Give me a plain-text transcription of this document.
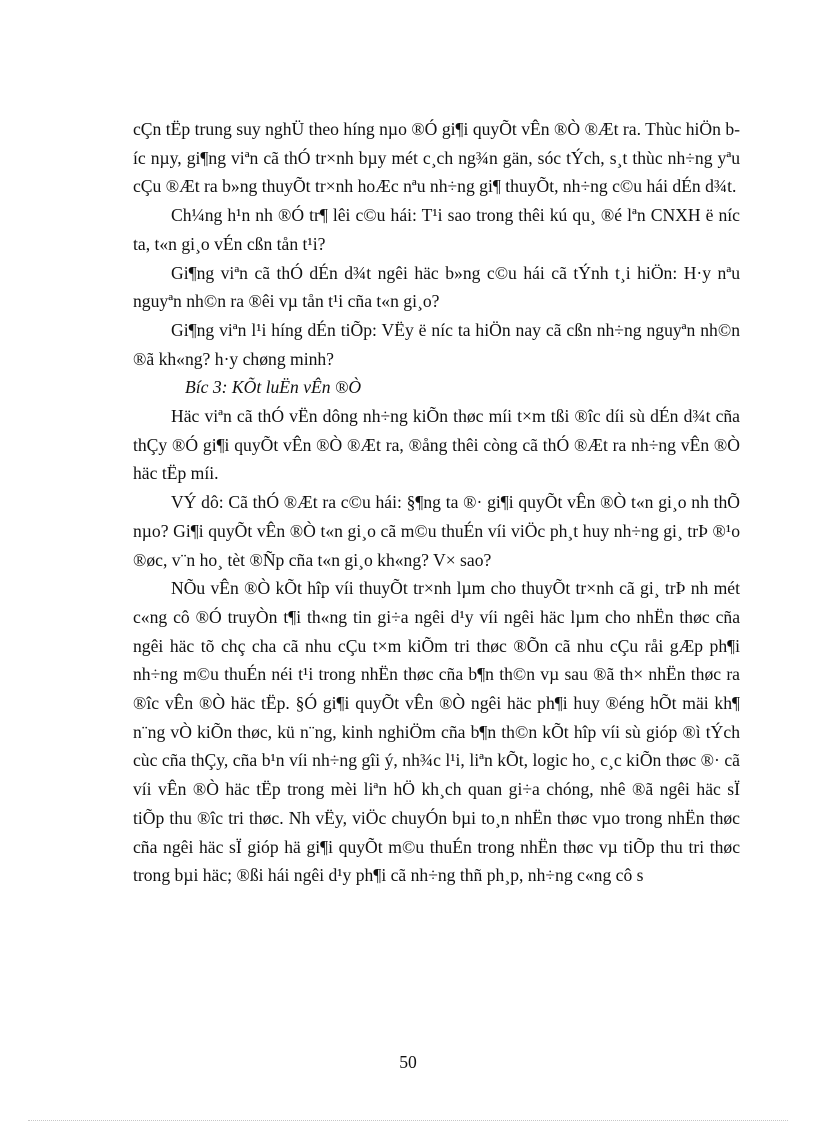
cÇn tËp trung suy nghÜ theo híng nµo ®Ó gi¶i quyÕt vÊn ®Ò ®Æt ra. Thùc hiÖn bíc nµy, gi¶ng viªn cã thÓ tr×nh bµy mét c¸ch ng¾n gän, sóc tÝch, s¸t thùc nh÷ng yªu cÇu ®Æt ra b»ng thuyÕt tr×nh hoÆc nªu nh÷ng gi¶ thuyÕt, nh÷ng c©u hái dÉn d¾t.

Ch¼ng h¹n nh ®Ó tr¶ lêi c©u hái: T¹i sao trong thêi kú qu¸ ®é lªn CNXH ë níc ta, t«n gi¸o vÉn cßn tån t¹i?

Gi¶ng viªn cã thÓ dÉn d¾t ngêi häc b»ng c©u hái cã tÝnh t¸i hiÖn: H·y nªu nguyªn nh©n ra ®êi vµ tån t¹i cña t«n gi¸o?

Gi¶ng viªn l¹i híng dÉn tiÕp: VËy ë níc ta hiÖn nay cã cßn nh÷ng nguyªn nh©n ®ã kh«ng? h·y chøng minh?

Bíc 3: KÕt luËn vÊn ®Ò

Häc viªn cã thÓ vËn dông nh÷ng kiÕn thøc míi t×m tßi ®îc díi sù dÉn d¾t cña thÇy ®Ó gi¶i quyÕt vÊn ®Ò ®Æt ra, ®ång thêi còng cã thÓ ®Æt ra nh÷ng vÊn ®Ò häc tËp míi.

VÝ dô: Cã thÓ ®Æt ra c©u hái: §¶ng ta ®· gi¶i quyÕt vÊn ®Ò t«n gi¸o nh thÕ nµo? Gi¶i quyÕt vÊn ®Ò t«n gi¸o cã m©u thuÉn víi viÖc ph¸t huy nh÷ng gi¸ trÞ ®¹o ®øc, v¨n ho¸ tèt ®Ñp cña t«n gi¸o kh«ng? V× sao?

NÕu vÊn ®Ò kÕt hîp víi thuyÕt tr×nh lµm cho thuyÕt tr×nh cã gi¸ trÞ nh mét c«ng cô ®Ó truyÒn t¶i th«ng tin gi÷a ngêi d¹y víi ngêi häc lµm cho nhËn thøc cña ngêi häc tõ chç cha cã nhu cÇu t×m kiÕm tri thøc ®Õn cã nhu cÇu råi gÆp ph¶i nh÷ng m©u thuÉn néi t¹i trong nhËn thøc cña b¶n th©n vµ sau ®ã th× nhËn thøc ra ®îc vÊn ®Ò häc tËp. §Ó gi¶i quyÕt vÊn ®Ò ngêi häc ph¶i huy ®éng hÕt mäi kh¶ n¨ng vÒ kiÕn thøc, kü n¨ng, kinh nghiÖm cña b¶n th©n kÕt hîp víi sù gióp ®ì tÝch cùc cña thÇy, cña b¹n víi nh÷ng gîi ý, nh¾c l¹i, liªn kÕt, logic ho¸ c¸c kiÕn thøc ®· cã víi vÊn ®Ò häc tËp trong mèi liªn hÖ kh¸ch quan gi÷a chóng, nhê ®ã ngêi häc sÏ tiÕp thu ®îc tri thøc. Nh vËy, viÖc chuyÓn bµi to¸n nhËn thøc vµo trong nhËn thøc cña ngêi häc sÏ gióp hä gi¶i quyÕt m©u thuÉn trong nhËn thøc vµ tiÕp thu tri thøc trong bµi häc; ®ßi hái ngêi d¹y ph¶i cã nh÷ng thñ ph¸p, nh÷ng c«ng cô s

50
